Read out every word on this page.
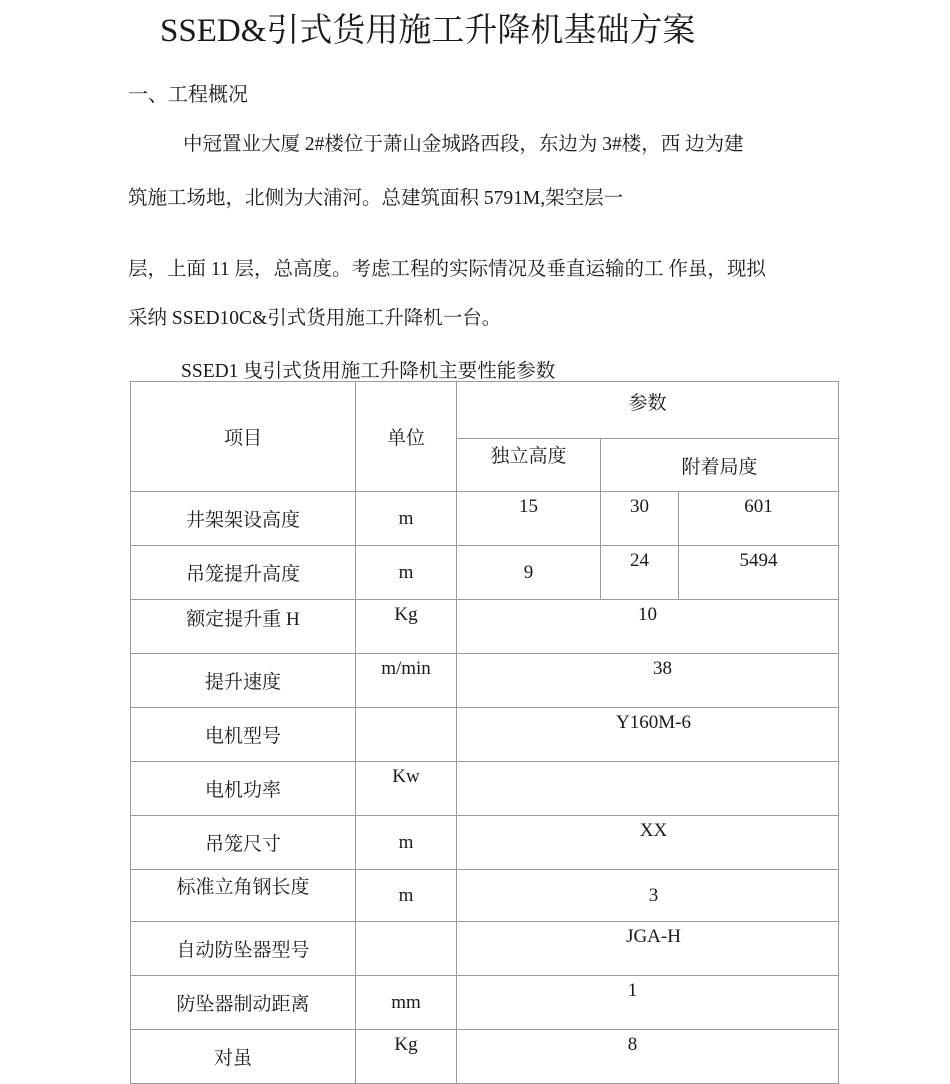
SSED&引式货用施工升降机基础方案
一、工程概况
中冠置业大厦 2#楼位于萧山金城路西段，东边为 3#楼，西 边为建
筑施工场地，北侧为大浦河。总建筑面积 5791M,架空层一
层，上面 11 层，总高度。考虑工程的实际情况及垂直运输的工 作虽，现拟
采纳 SSED10C&引式货用施工升降机一台。
SSED1 曳引式货用施工升降机主要性能参数
项目	单位	参数		
		独立高度	附着局度	
井架架设高度	m	15	30	601
吊笼提升高度	m	9	24	5494
额定提升重 H	Kg	10		
提升速度	m/min	38		
电机型号		Y160M-6		
电机功率	Kw			
吊笼尺寸	m	XX		
标准立角钢长度	m	3		
自动防坠器型号		JGA-H		
防坠器制动距离	mm	1		
对虽	Kg	8		
